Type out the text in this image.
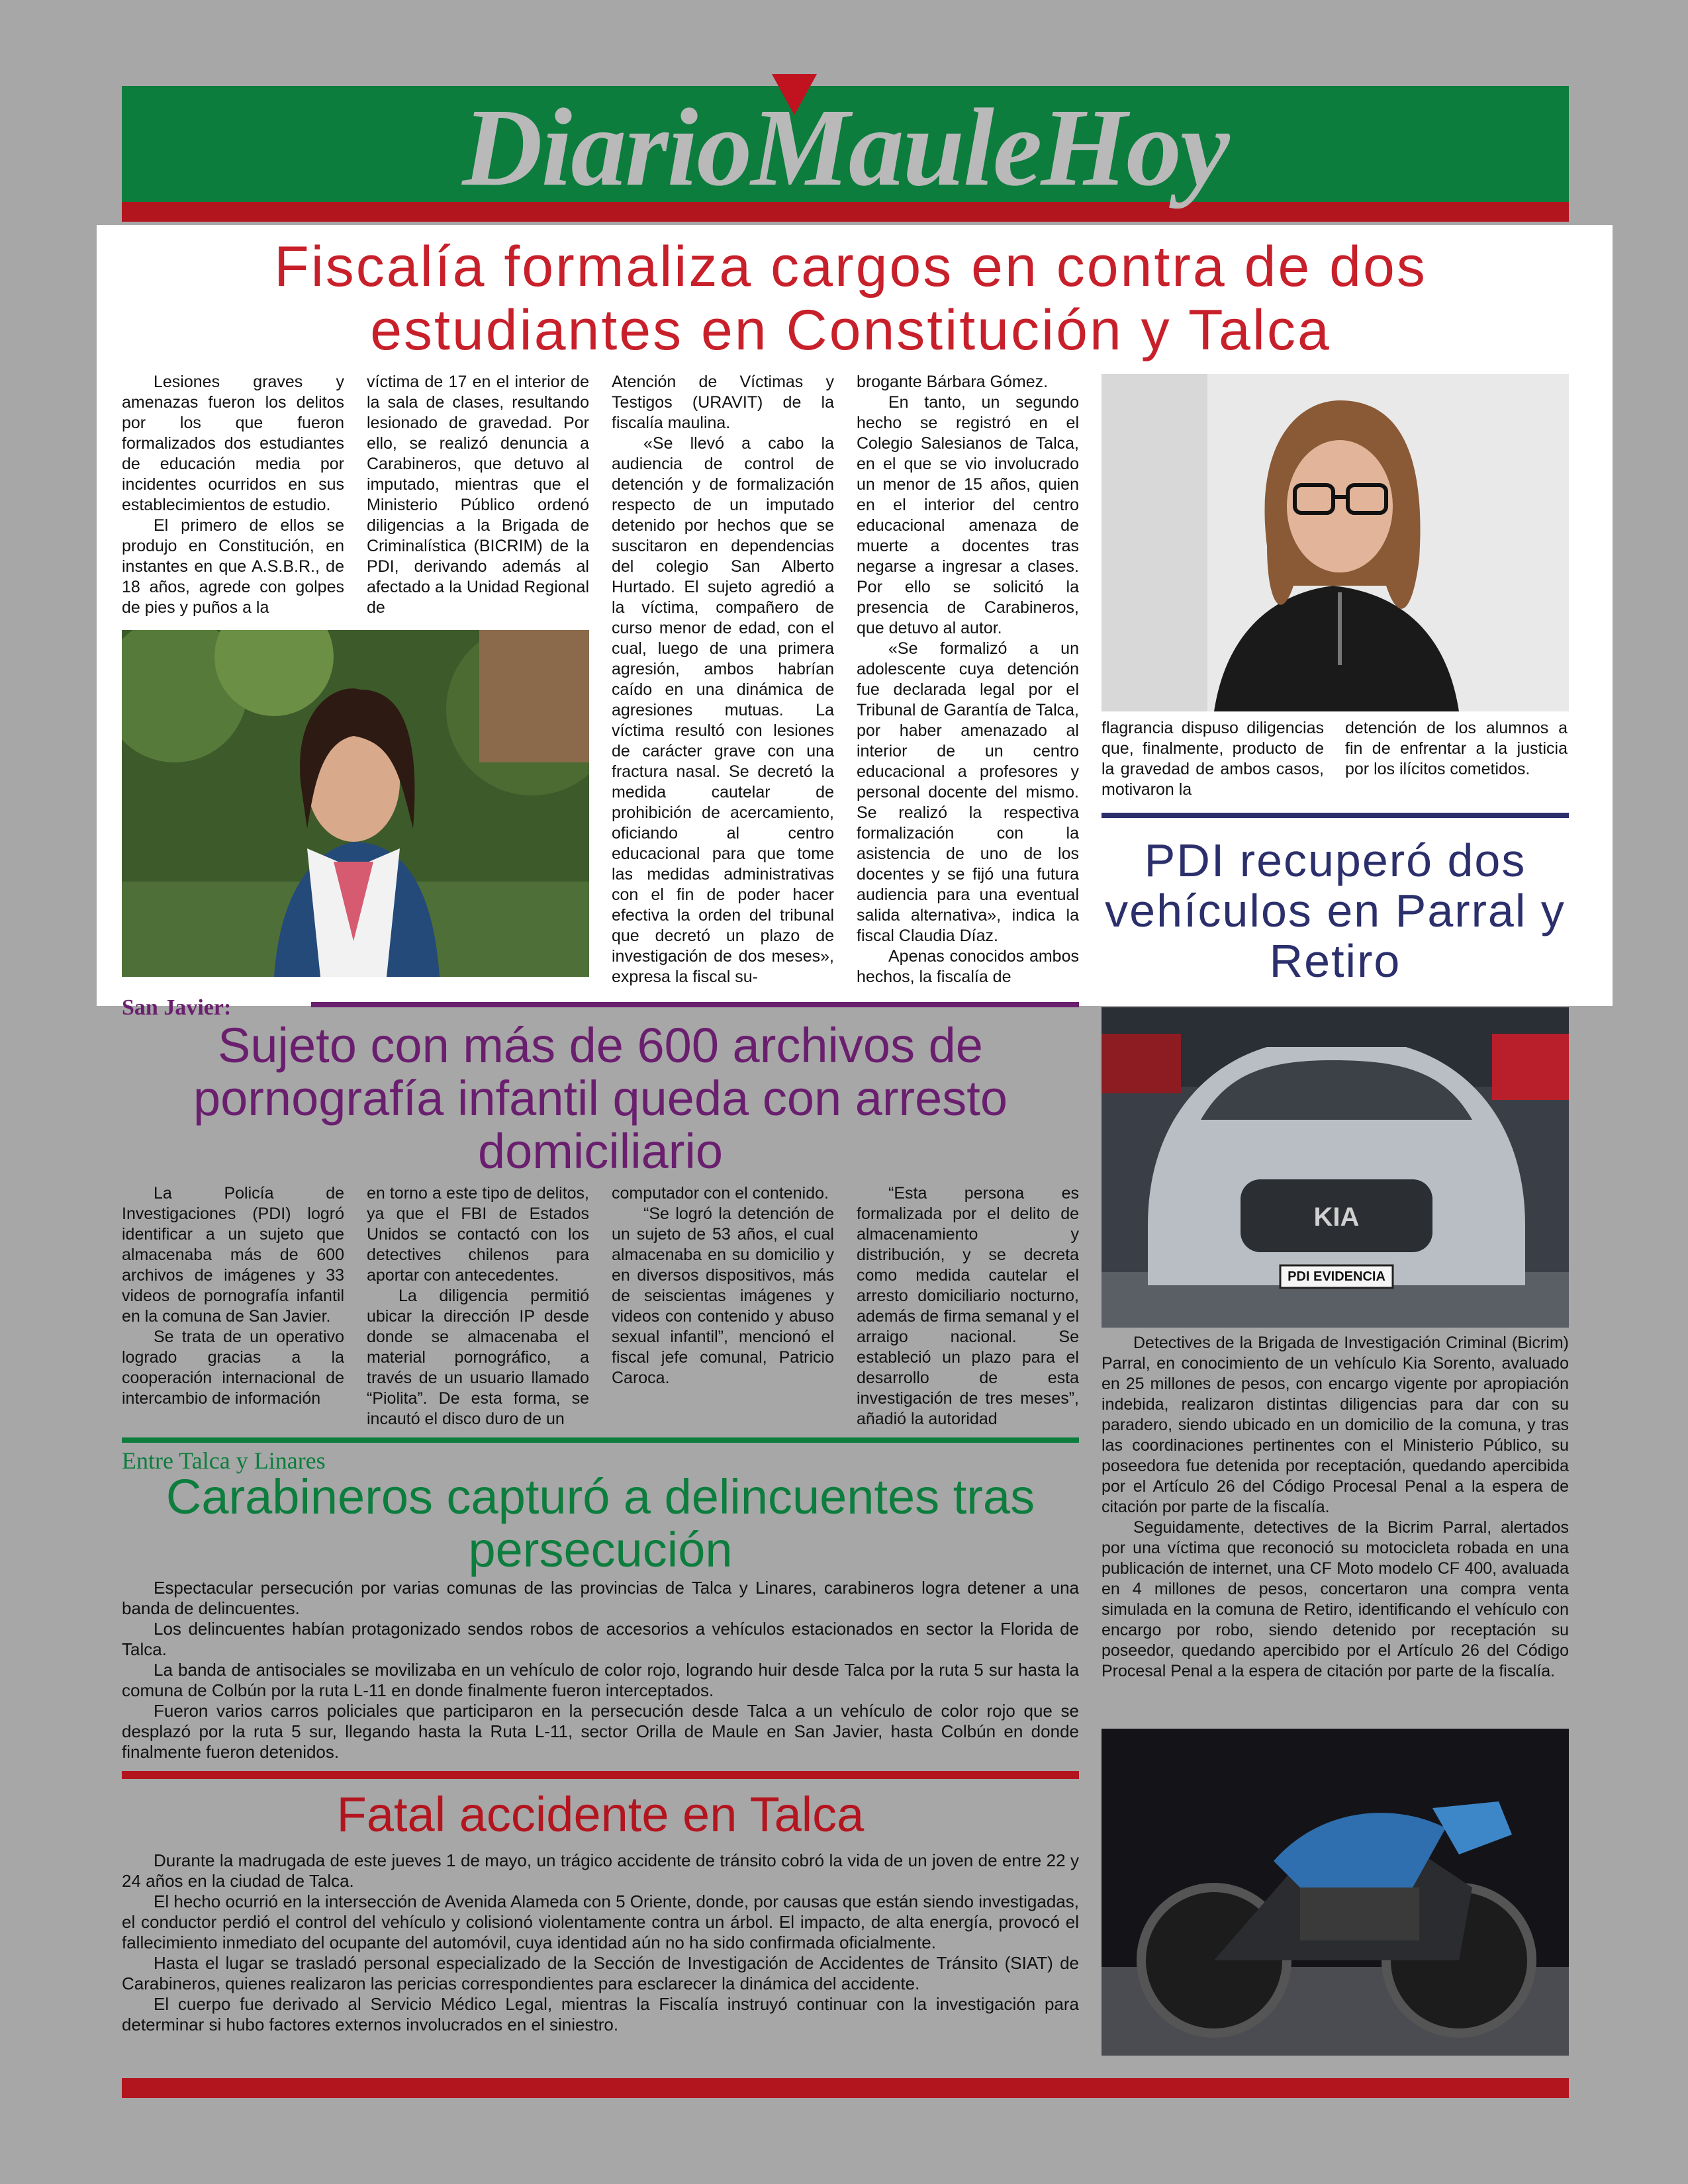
DiarioMauleHoy
Fiscalía formaliza cargos en contra de dos estudiantes en Constitución y Talca

Lesiones graves y amenazas fueron los delitos por los que fueron formalizados dos estudiantes de educación media por incidentes ocurridos en sus establecimientos de estudio.

El primero de ellos se produjo en Constitución, en instantes en que A.S.B.R., de 18 años, agrede con golpes de pies y puños a la

víctima de 17 en el interior de la sala de clases, resultando lesionado de gravedad. Por ello, se realizó denuncia a Carabineros, que detuvo al imputado, mientras que el Ministerio Público ordenó diligencias a la Brigada de Criminalística (BICRIM) de la PDI, derivando además al afectado a la Unidad Regional de

Atención de Víctimas y Testigos (URAVIT) de la fiscalía maulina.

«Se llevó a cabo la audiencia de control de detención y de formalización respecto de un imputado detenido por hechos que se suscitaron en dependencias del colegio San Alberto Hurtado. El sujeto agredió a la víctima, compañero de curso menor de edad, con el cual, luego de una primera agresión, ambos habrían caído en una dinámica de agresiones mutuas. La víctima resultó con lesiones de carácter grave con una fractura nasal. Se decretó la medida cautelar de prohibición de acercamiento, oficiando al centro educacional para que tome las medidas administrativas con el fin de poder hacer efectiva la orden del tribunal que decretó un plazo de investigación de dos meses», expresa la fiscal su-

brogante Bárbara Gómez.

En tanto, un segundo hecho se registró en el Colegio Salesianos de Talca, en el que se vio involucrado un menor de 15 años, quien en el interior del centro educacional amenaza de muerte a docentes tras negarse a ingresar a clases. Por ello se solicitó la presencia de Carabineros, que detuvo al autor.

«Se formalizó a un adolescente cuya detención fue declarada legal por el Tribunal de Garantía de Talca, por haber amenazado al interior de un centro educacional a profesores y personal docente del mismo. Se realizó la respectiva formalización con la asistencia de uno de los docentes y se fijó una futura audiencia para una eventual salida alternativa», indica la fiscal Claudia Díaz.

Apenas conocidos ambos hechos, la fiscalía de

flagrancia dispuso diligencias que, finalmente, producto de la gravedad de ambos casos, motivaron la

detención de los alumnos a fin de enfrentar a la justicia por los ilícitos cometidos.

PDI recuperó dos vehículos en Parral y Retiro
KIA
PDI EVIDENCIA

Detectives de la Brigada de Investigación Criminal (Bicrim) Parral, en conocimiento de un vehículo Kia Sorento, avaluado en 25 millones de pesos, con encargo vigente por apropiación indebida, realizaron distintas diligencias para dar con su paradero, siendo ubicado en un domicilio de la comuna, y tras las coordinaciones pertinentes con el Ministerio Público, su poseedora fue detenida por receptación, quedando apercibida por el Artículo 26 del Código Procesal Penal a la espera de citación por parte de la fiscalía.

Seguidamente, detectives de la Bicrim Parral, alertados por una víctima que reconoció su motocicleta robada en una publicación de internet, una CF Moto modelo CF 400, avaluada en 4 millones de pesos, concertaron una compra venta simulada en la comuna de Retiro, identificando el vehículo con encargo por robo, siendo detenido por receptación su poseedor, quedando apercibido por el Artículo 26 del Código Procesal Penal a la espera de citación por parte de la fiscalía.

San Javier:
Sujeto con más de 600 archivos de pornografía infantil queda con arresto domiciliario

La Policía de Investigaciones (PDI) logró identificar a un sujeto que almacenaba más de 600 archivos de imágenes y 33 videos de pornografía infantil en la comuna de San Javier.

Se trata de un operativo logrado gracias a la cooperación internacional de intercambio de información

en torno a este tipo de delitos, ya que el FBI de Estados Unidos se contactó con los detectives chilenos para aportar con antecedentes.

La diligencia permitió ubicar la dirección IP desde donde se almacenaba el material pornográfico, a través de un usuario llamado “Piolita”. De esta forma, se incautó el disco duro de un

computador con el contenido.

“Se logró la detención de un sujeto de 53 años, el cual almacenaba en su domicilio y en diversos dispositivos, más de seiscientas imágenes y videos con contenido y abuso sexual infantil”, mencionó el fiscal jefe comunal, Patricio Caroca.

“Esta persona es formalizada por el delito de almacenamiento y distribución, y se decreta como medida cautelar el arresto domiciliario nocturno, además de firma semanal y el arraigo nacional. Se estableció un plazo para el desarrollo de esta investigación de tres meses”, añadió la autoridad

Entre Talca y Linares
Carabineros capturó a delincuentes tras persecución

Espectacular persecución por varias comunas de las provincias de Talca y Linares, carabineros logra detener a una banda de delincuentes.

Los delincuentes habían protagonizado sendos robos de accesorios a vehículos estacionados en sector la Florida de Talca.

La banda de antisociales se movilizaba en un vehículo de color rojo, logrando huir desde Talca por la ruta 5 sur hasta la comuna de Colbún por la ruta L-11 en donde finalmente fueron interceptados.

Fueron varios carros policiales que participaron en la persecución desde Talca a un vehículo de color rojo que se desplazó por la ruta 5 sur, llegando hasta la Ruta L-11, sector Orilla de Maule en San Javier, hasta Colbún en donde finalmente fueron detenidos.

Fatal accidente en Talca

Durante la madrugada de este jueves 1 de mayo, un trágico accidente de tránsito cobró la vida de un joven de entre 22 y 24 años en la ciudad de Talca.

El hecho ocurrió en la intersección de Avenida Alameda con 5 Oriente, donde, por causas que están siendo investigadas, el conductor perdió el control del vehículo y colisionó violentamente contra un árbol. El impacto, de alta energía, provocó el fallecimiento inmediato del ocupante del automóvil, cuya identidad aún no ha sido confirmada oficialmente.

Hasta el lugar se trasladó personal especializado de la Sección de Investigación de Accidentes de Tránsito (SIAT) de Carabineros, quienes realizaron las pericias correspondientes para esclarecer la dinámica del accidente.

El cuerpo fue derivado al Servicio Médico Legal, mientras la Fiscalía instruyó continuar con la investigación para determinar si hubo factores externos involucrados en el siniestro.
